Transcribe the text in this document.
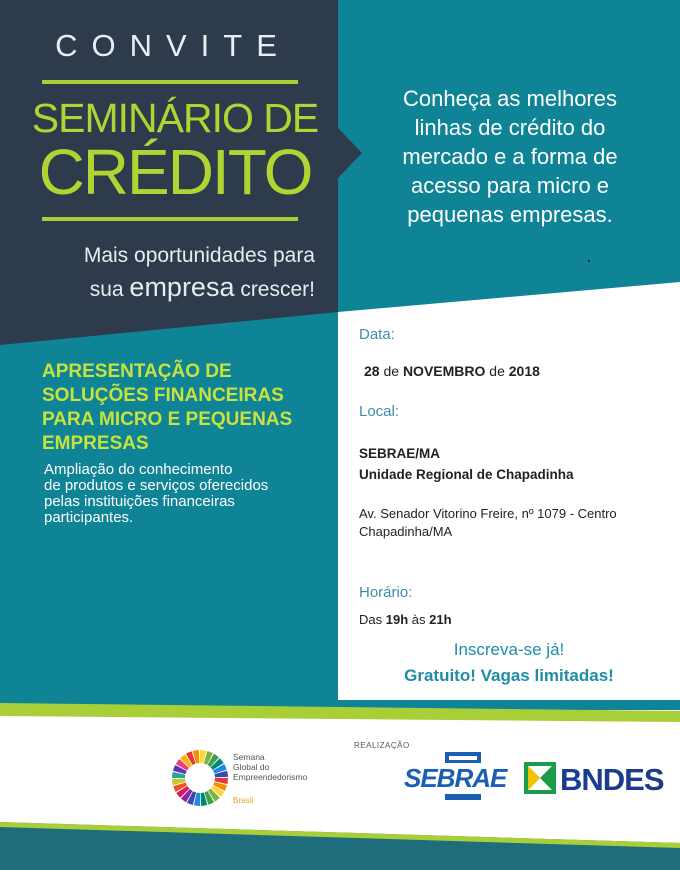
CONVITE
SEMINÁRIO DE
CRÉDITO
Mais oportunidades para
sua empresa crescer!
Conheça as melhores
linhas de crédito do
mercado e a forma de
acesso para micro e
pequenas empresas.
APRESENTAÇÃO DE
SOLUÇÕES FINANCEIRAS
PARA MICRO E PEQUENAS
EMPRESAS
Ampliação do conhecimento
de produtos e serviços oferecidos
pelas instituições financeiras
participantes.
Data:
28 de NOVEMBRO de 2018
Local:
SEBRAE/MA
Unidade Regional de Chapadinha
Av. Senador Vitorino Freire, nº 1079 - Centro
Chapadinha/MA
Horário:
Das 19h às 21h
Inscreva-se já!
Gratuito! Vagas limitadas!
Semana
Global do
Empreendedorismo
Brasil
REALIZAÇÃO
SEBRAE BNDES
